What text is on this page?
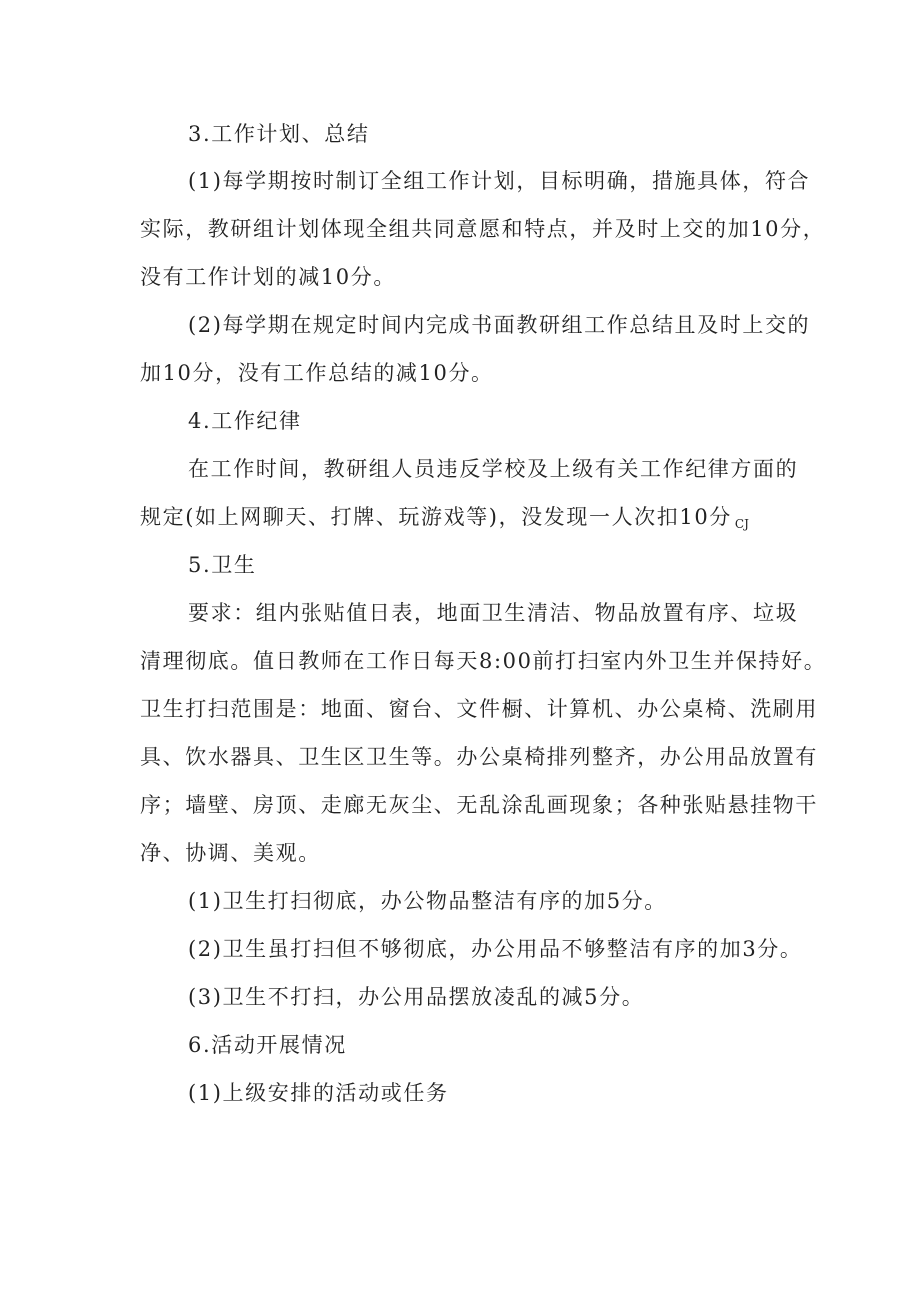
3.工作计划、总结
(1)每学期按时制订全组工作计划，目标明确，措施具体，符合
实际，教研组计划体现全组共同意愿和特点，并及时上交的加10分，
没有工作计划的减10分。
(2)每学期在规定时间内完成书面教研组工作总结且及时上交的
加10分，没有工作总结的减10分。
4.工作纪律
在工作时间，教研组人员违反学校及上级有关工作纪律方面的
规定(如上网聊天、打牌、玩游戏等)，没发现一人次扣10分 CJ
5.卫生
要求：组内张贴值日表，地面卫生清洁、物品放置有序、垃圾
清理彻底。值日教师在工作日每天8:00前打扫室内外卫生并保持好。
卫生打扫范围是：地面、窗台、文件橱、计算机、办公桌椅、洗刷用
具、饮水器具、卫生区卫生等。办公桌椅排列整齐，办公用品放置有
序；墙壁、房顶、走廊无灰尘、无乱涂乱画现象；各种张贴悬挂物干
净、协调、美观。
(1)卫生打扫彻底，办公物品整洁有序的加5分。
(2)卫生虽打扫但不够彻底，办公用品不够整洁有序的加3分。
(3)卫生不打扫，办公用品摆放凌乱的减5分。
6.活动开展情况
(1)上级安排的活动或任务
